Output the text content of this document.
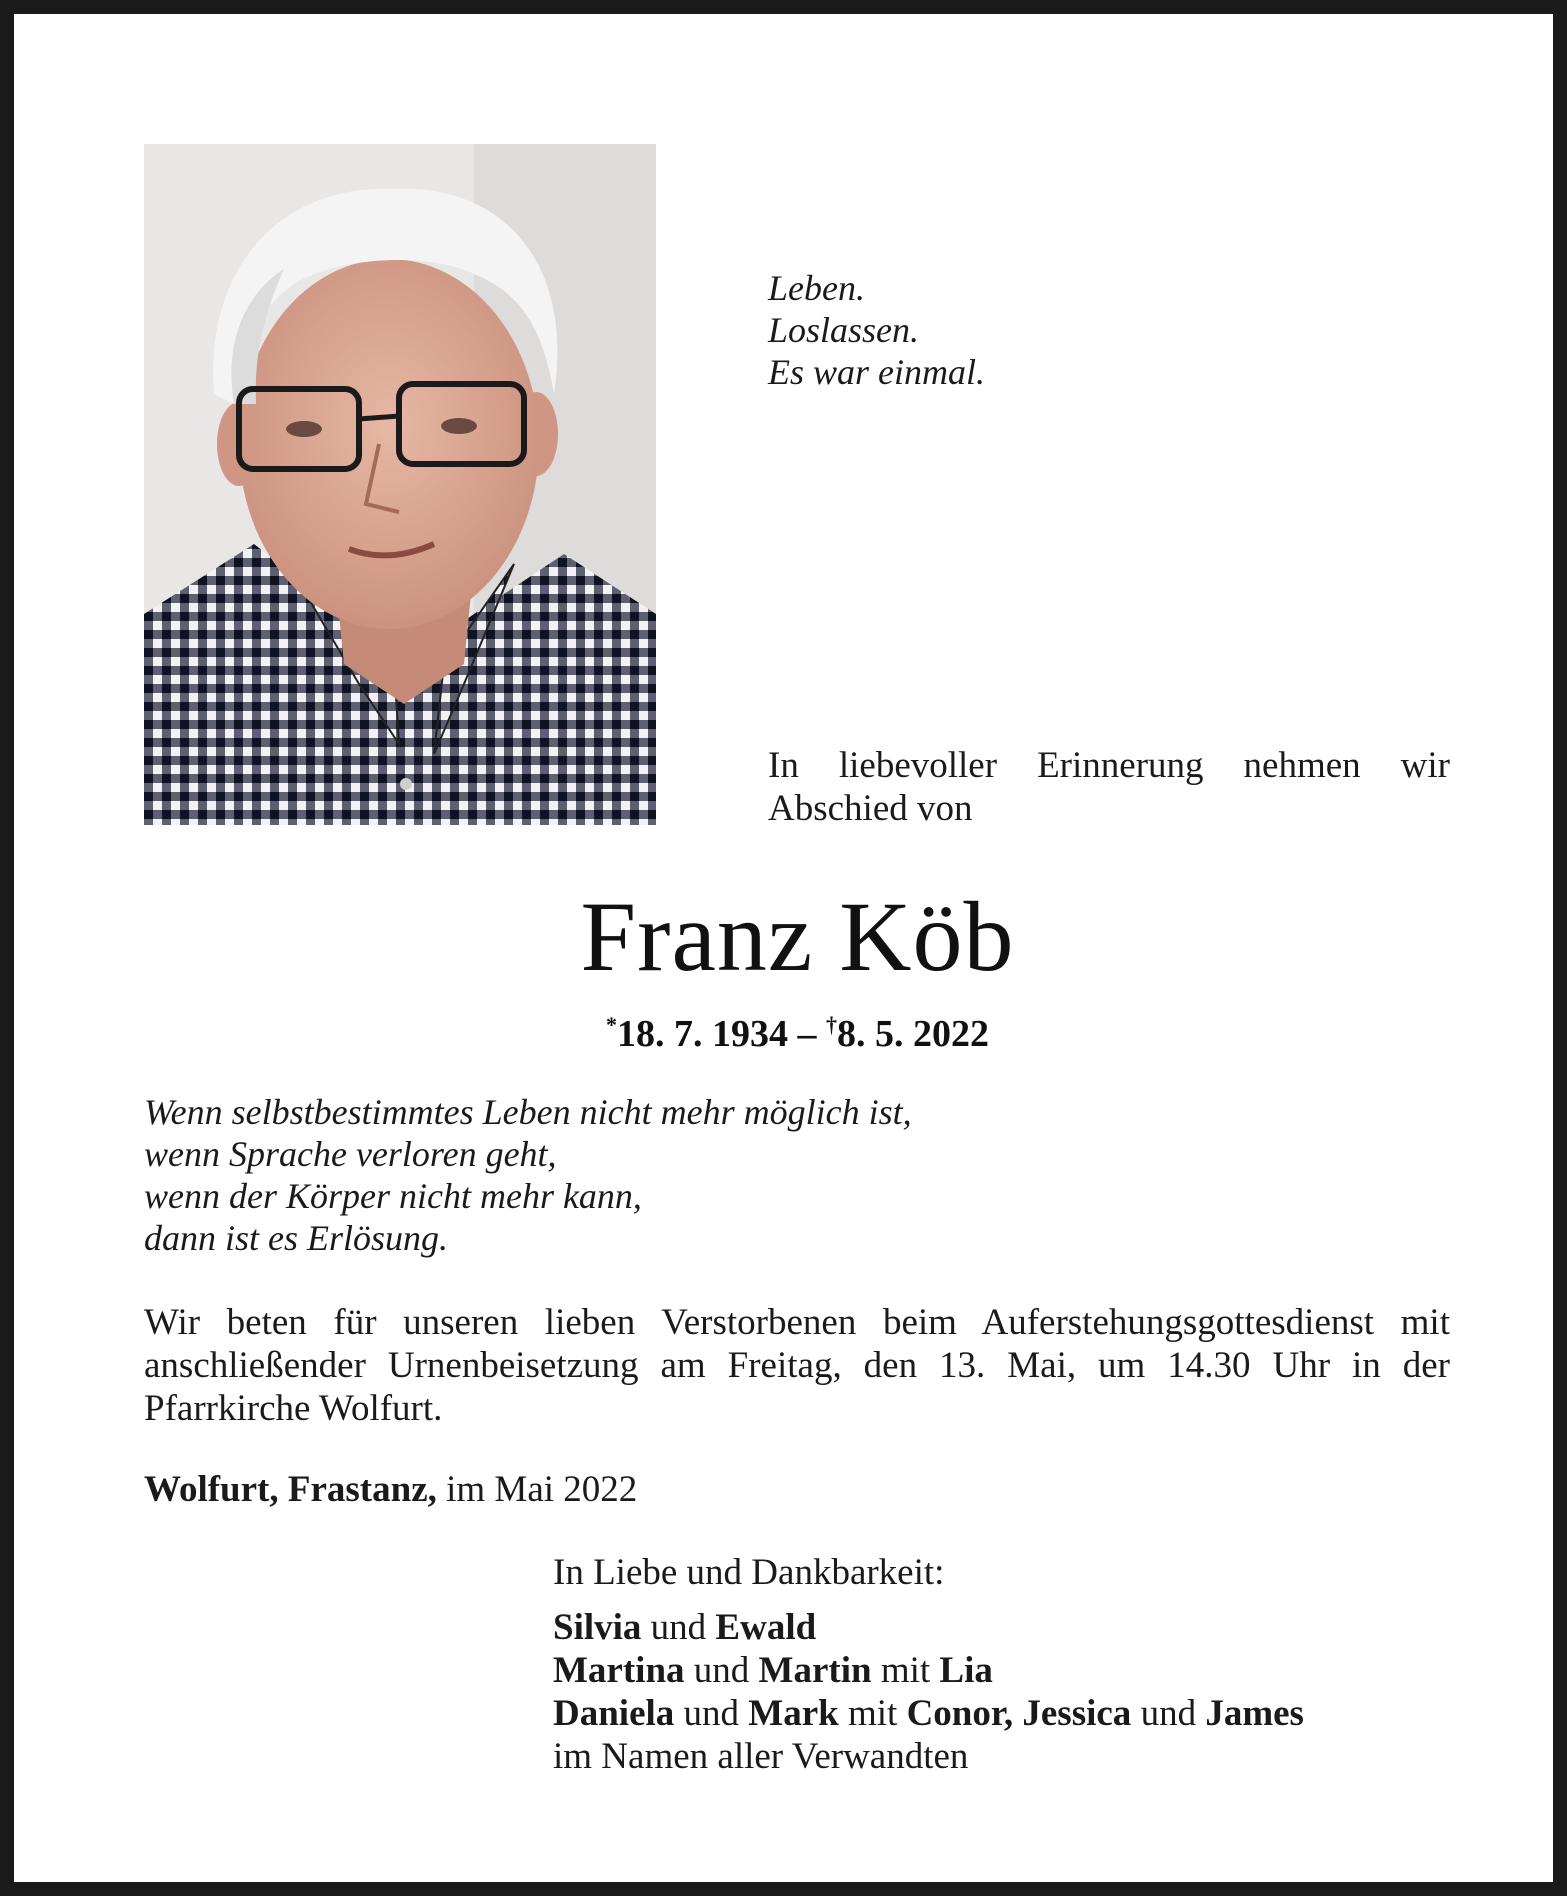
Leben.
Loslassen.
Es war einmal.
In liebevoller Erinnerung nehmen wir Abschied von
Franz Köb
*18. 7. 1934 – †8. 5. 2022
Wenn selbstbestimmtes Leben nicht mehr möglich ist,
wenn Sprache verloren geht,
wenn der Körper nicht mehr kann,
dann ist es Erlösung.
Wir beten für unseren lieben Verstorbenen beim Auferstehungsgottesdienst mit anschließender Urnenbeisetzung am Freitag, den 13. Mai, um 14.30 Uhr in der Pfarrkirche Wolfurt.
Wolfurt, Frastanz, im Mai 2022
In Liebe und Dankbarkeit:
Silvia und Ewald
Martina und Martin mit Lia
Daniela und Mark mit Conor, Jessica und James
im Namen aller Verwandten
